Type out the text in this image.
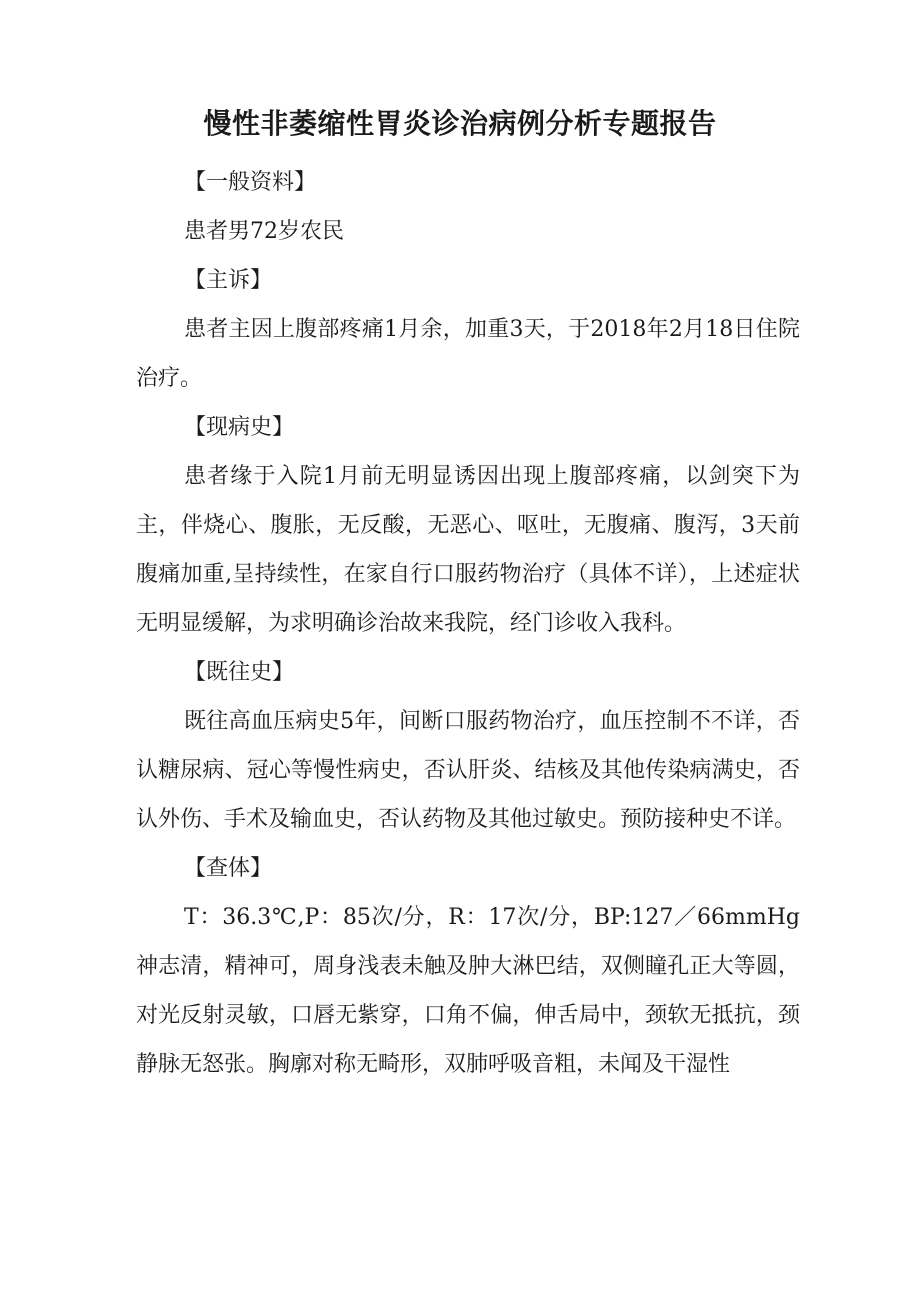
慢性非萎缩性胃炎诊治病例分析专题报告

【一般资料】

患者男72岁农民

【主诉】

患者主因上腹部疼痛1月余，加重3天，于2018年2月18日住院治疗。

【现病史】

患者缘于入院1月前无明显诱因出现上腹部疼痛，以剑突下为主，伴烧心、腹胀，无反酸，无恶心、呕吐，无腹痛、腹泻，3天前腹痛加重,呈持续性，在家自行口服药物治疗（具体不详），上述症状无明显缓解，为求明确诊治故来我院，经门诊收入我科。

【既往史】

既往高血压病史5年，间断口服药物治疗，血压控制不不详，否认糖尿病、冠心等慢性病史，否认肝炎、结核及其他传染病满史，否认外伤、手术及输血史，否认药物及其他过敏史。预防接种史不详。

【查体】

T：36.3℃,P：85次/分，R：17次/分，BP:127／66mmHg神志清，精神可，周身浅表未触及肿大淋巴结，双侧瞳孔正大等圆，对光反射灵敏，口唇无紫穿，口角不偏，伸舌局中，颈软无抵抗，颈静脉无怒张。胸廓对称无畸形，双肺呼吸音粗，未闻及干湿性
